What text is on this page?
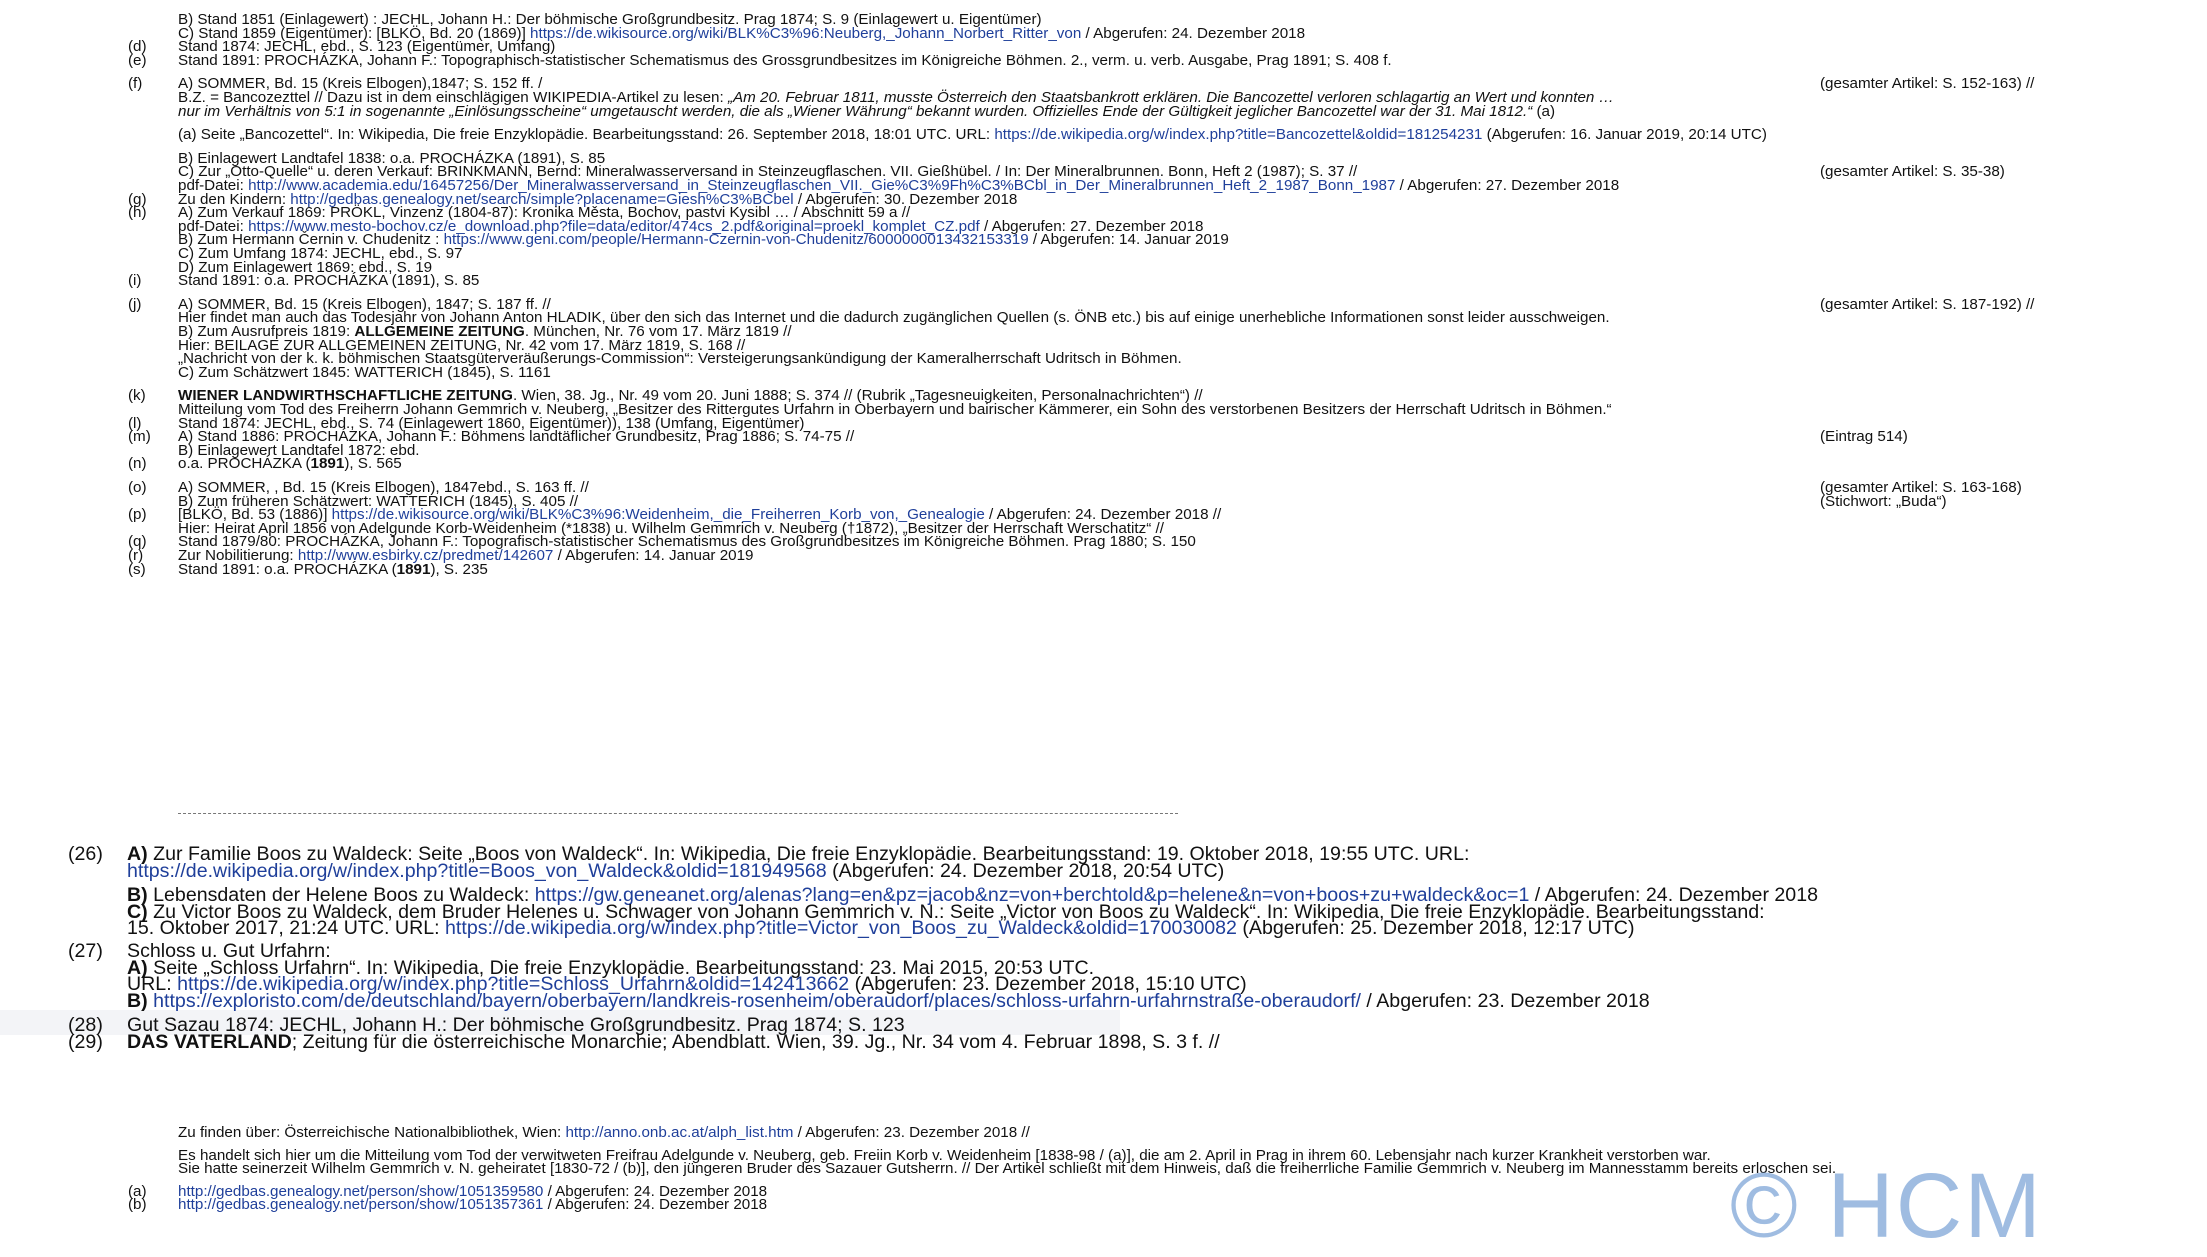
B) Stand 1851 (Einlagewert) : JECHL, Johann H.: Der böhmische Großgrundbesitz. Prag 1874; S. 9 (Einlagewert u. Eigentümer)
C) Stand 1859 (Eigentümer): [BLKÖ, Bd. 20 (1869)] https://de.wikisource.org/wiki/BLK%C3%96:Neuberg,_Johann_Norbert_Ritter_von / Abgerufen: 24. Dezember 2018
(d) Stand 1874: JECHL, ebd., S. 123 (Eigentümer, Umfang)
(e) Stand 1891: PROCHÁZKA, Johann F.: Topographisch-statistischer Schematismus des Grossgrundbesitzes im Königreiche Böhmen. 2., verm. u. verb. Ausgabe, Prag 1891; S. 408 f.
(f) A) SOMMER, Bd. 15 (Kreis Elbogen),1847; S. 152 ff. /	(gesamter Artikel: S. 152-163) //
B.Z. = Bancozezttel // Dazu ist in dem einschlägigen WIKIPEDIA-Artikel zu lesen: „Am 20. Februar 1811, musste Österreich den Staatsbankrott erklären. Die Bancozettel verloren schlagartig an Wert und konnten …
nur im Verhältnis von 5:1 in sogenannte „Einlösungsscheine“ umgetauscht werden, die als „Wiener Währung“ bekannt wurden. Offizielles Ende der Gültigkeit jeglicher Bancozettel war der 31. Mai 1812.“ (a)
(a) Seite „Bancozettel“. In: Wikipedia, Die freie Enzyklopädie. Bearbeitungsstand: 26. September 2018, 18:01 UTC. URL: https://de.wikipedia.org/w/index.php?title=Bancozettel&oldid=181254231 (Abgerufen: 16. Januar 2019, 20:14 UTC)
B) Einlagewert Landtafel 1838: o.a. PROCHÁZKA (1891), S. 85
C) Zur „Otto-Quelle“ u. deren Verkauf: BRINKMANN, Bernd: Mineralwasserversand in Steinzeugflaschen. VII. Gießhübel. / In: Der Mineralbrunnen. Bonn, Heft 2 (1987); S. 37 //	(gesamter Artikel: S. 35-38)
pdf-Datei: http://www.academia.edu/16457256/Der_Mineralwasserversand_in_Steinzeugflaschen_VII._Gie%C3%9Fh%C3%BCbl_in_Der_Mineralbrunnen_Heft_2_1987_Bonn_1987 / Abgerufen: 27. Dezember 2018
(g) Zu den Kindern: http://gedbas.genealogy.net/search/simple?placename=Giesh%C3%BCbel / Abgerufen: 30. Dezember 2018
(h) A) Zum Verkauf 1869: PRÖKL, Vinzenz (1804-87): Kronika Města, Bochov, pastvi Kysibl … / Abschnitt 59 a //
pdf-Datei: https://www.mesto-bochov.cz/e_download.php?file=data/editor/474cs_2.pdf&original=proekl_komplet_CZ.pdf / Abgerufen: 27. Dezember 2018
B) Zum Hermann Černin v. Chudenitz : https://www.geni.com/people/Hermann-Czernin-von-Chudenitz/6000000013432153319 / Abgerufen: 14. Januar 2019
C) Zum Umfang 1874: JECHL, ebd., S. 97
D) Zum Einlagewert 1869: ebd., S. 19
(i) Stand 1891: o.a. PROCHÁZKA (1891), S. 85
(j) A) SOMMER, Bd. 15 (Kreis Elbogen), 1847; S. 187 ff. //	(gesamter Artikel: S. 187-192) //
Hier findet man auch das Todesjahr von Johann Anton HLADIK, über den sich das Internet und die dadurch zugänglichen Quellen (s. ÖNB etc.) bis auf einige unerhebliche Informationen sonst leider ausschweigen.
B) Zum Ausrufpreis 1819: ALLGEMEINE ZEITUNG. München, Nr. 76 vom 17. März 1819 //
Hier: BEILAGE ZUR ALLGEMEINEN ZEITUNG, Nr. 42 vom 17. März 1819, S. 168 //
„Nachricht von der k. k. böhmischen Staatsgüterveräußerungs-Commission“: Versteigerungsankündigung der Kameralherrschaft Udritsch in Böhmen.
C) Zum Schätzwert 1845: WATTERICH (1845), S. 1161
(k) WIENER LANDWIRTHSCHAFTLICHE ZEITUNG. Wien, 38. Jg., Nr. 49 vom 20. Juni 1888; S. 374 // (Rubrik „Tagesneuigkeiten, Personalnachrichten“) //
Mitteilung vom Tod des Freiherrn Johann Gemmrich v. Neuberg, „Besitzer des Rittergutes Urfahrn in Oberbayern und bairischer Kämmerer, ein Sohn des verstorbenen Besitzers der Herrschaft Udritsch in Böhmen.“
(l) Stand 1874: JECHL, ebd., S. 74 (Einlagewert 1860, Eigentümer)), 138 (Umfang, Eigentümer)
(m) A) Stand 1886: PROCHÁZKA, Johann F.: Böhmens landtäflicher Grundbesitz, Prag 1886; S. 74-75 //	(Eintrag 514)
B) Einlagewert Landtafel 1872: ebd.
(n) o.a. PROCHÁZKA (1891), S. 565
(o) A) SOMMER, , Bd. 15 (Kreis Elbogen), 1847ebd., S. 163 ff. //	(gesamter Artikel: S. 163-168)
B) Zum früheren Schätzwert: WATTERICH (1845), S. 405 //	(Stichwort: „Buda“)
(p) [BLKÖ, Bd. 53 (1886)] https://de.wikisource.org/wiki/BLK%C3%96:Weidenheim,_die_Freiherren_Korb_von,_Genealogie / Abgerufen: 24. Dezember 2018 //
Hier: Heirat April 1856 von Adelgunde Korb-Weidenheim (*1838) u. Wilhelm Gemmrich v. Neuberg (†1872), „Besitzer der Herrschaft Werschatitz“ //
(q) Stand 1879/80: PROCHÁZKA, Johann F.: Topografisch-statistischer Schematismus des Großgrundbesitzes im Königreiche Böhmen. Prag 1880; S. 150
(r) Zur Nobilitierung: http://www.esbirky.cz/predmet/142607 / Abgerufen: 14. Januar 2019
(s) Stand 1891: o.a. PROCHÁZKA (1891), S. 235
(26) A) Zur Familie Boos zu Waldeck: Seite „Boos von Waldeck“. In: Wikipedia, Die freie Enzyklopädie. Bearbeitungsstand: 19. Oktober 2018, 19:55 UTC. URL:
https://de.wikipedia.org/w/index.php?title=Boos_von_Waldeck&oldid=181949568 (Abgerufen: 24. Dezember 2018, 20:54 UTC)
B) Lebensdaten der Helene Boos zu Waldeck: https://gw.geneanet.org/alenas?lang=en&pz=jacob&nz=von+berchtold&p=helene&n=von+boos+zu+waldeck&oc=1 / Abgerufen: 24. Dezember 2018
C) Zu Victor Boos zu Waldeck, dem Bruder Helenes u. Schwager von Johann Gemmrich v. N.: Seite „Victor von Boos zu Waldeck“. In: Wikipedia, Die freie Enzyklopädie. Bearbeitungsstand:
15. Oktober 2017, 21:24 UTC. URL: https://de.wikipedia.org/w/index.php?title=Victor_von_Boos_zu_Waldeck&oldid=170030082 (Abgerufen: 25. Dezember 2018, 12:17 UTC)
(27) Schloss u. Gut Urfahrn:
A) Seite „Schloss Urfahrn“. In: Wikipedia, Die freie Enzyklopädie. Bearbeitungsstand: 23. Mai 2015, 20:53 UTC.
URL: https://de.wikipedia.org/w/index.php?title=Schloss_Urfahrn&oldid=142413662 (Abgerufen: 23. Dezember 2018, 15:10 UTC)
B) https://exploristo.com/de/deutschland/bayern/oberbayern/landkreis-rosenheim/oberaudorf/places/schloss-urfahrn-urfahrnstraße-oberaudorf/ / Abgerufen: 23. Dezember 2018
(28) Gut Sazau 1874: JECHL, Johann H.: Der böhmische Großgrundbesitz. Prag 1874; S. 123
(29) DAS VATERLAND; Zeitung für die österreichische Monarchie; Abendblatt. Wien, 39. Jg., Nr. 34 vom 4. Februar 1898, S. 3 f. //
Zu finden über: Österreichische Nationalbibliothek, Wien: http://anno.onb.ac.at/alph_list.htm / Abgerufen: 23. Dezember 2018 //
Es handelt sich hier um die Mitteilung vom Tod der verwitweten Freifrau Adelgunde v. Neuberg, geb. Freiin Korb v. Weidenheim [1838-98 / (a)], die am 2. April in Prag in ihrem 60. Lebensjahr nach kurzer Krankheit verstorben war.
Sie hatte seinerzeit Wilhelm Gemmrich v. N. geheiratet [1830-72 / (b)], den jüngeren Bruder des Sazauer Gutsherrn. // Der Artikel schließt mit dem Hinweis, daß die freiherrliche Familie Gemmrich v. Neuberg im Mannesstamm bereits erloschen sei.
(a) http://gedbas.genealogy.net/person/show/1051359580 / Abgerufen: 24. Dezember 2018
(b) http://gedbas.genealogy.net/person/show/1051357361 / Abgerufen: 24. Dezember 2018	© HCM
